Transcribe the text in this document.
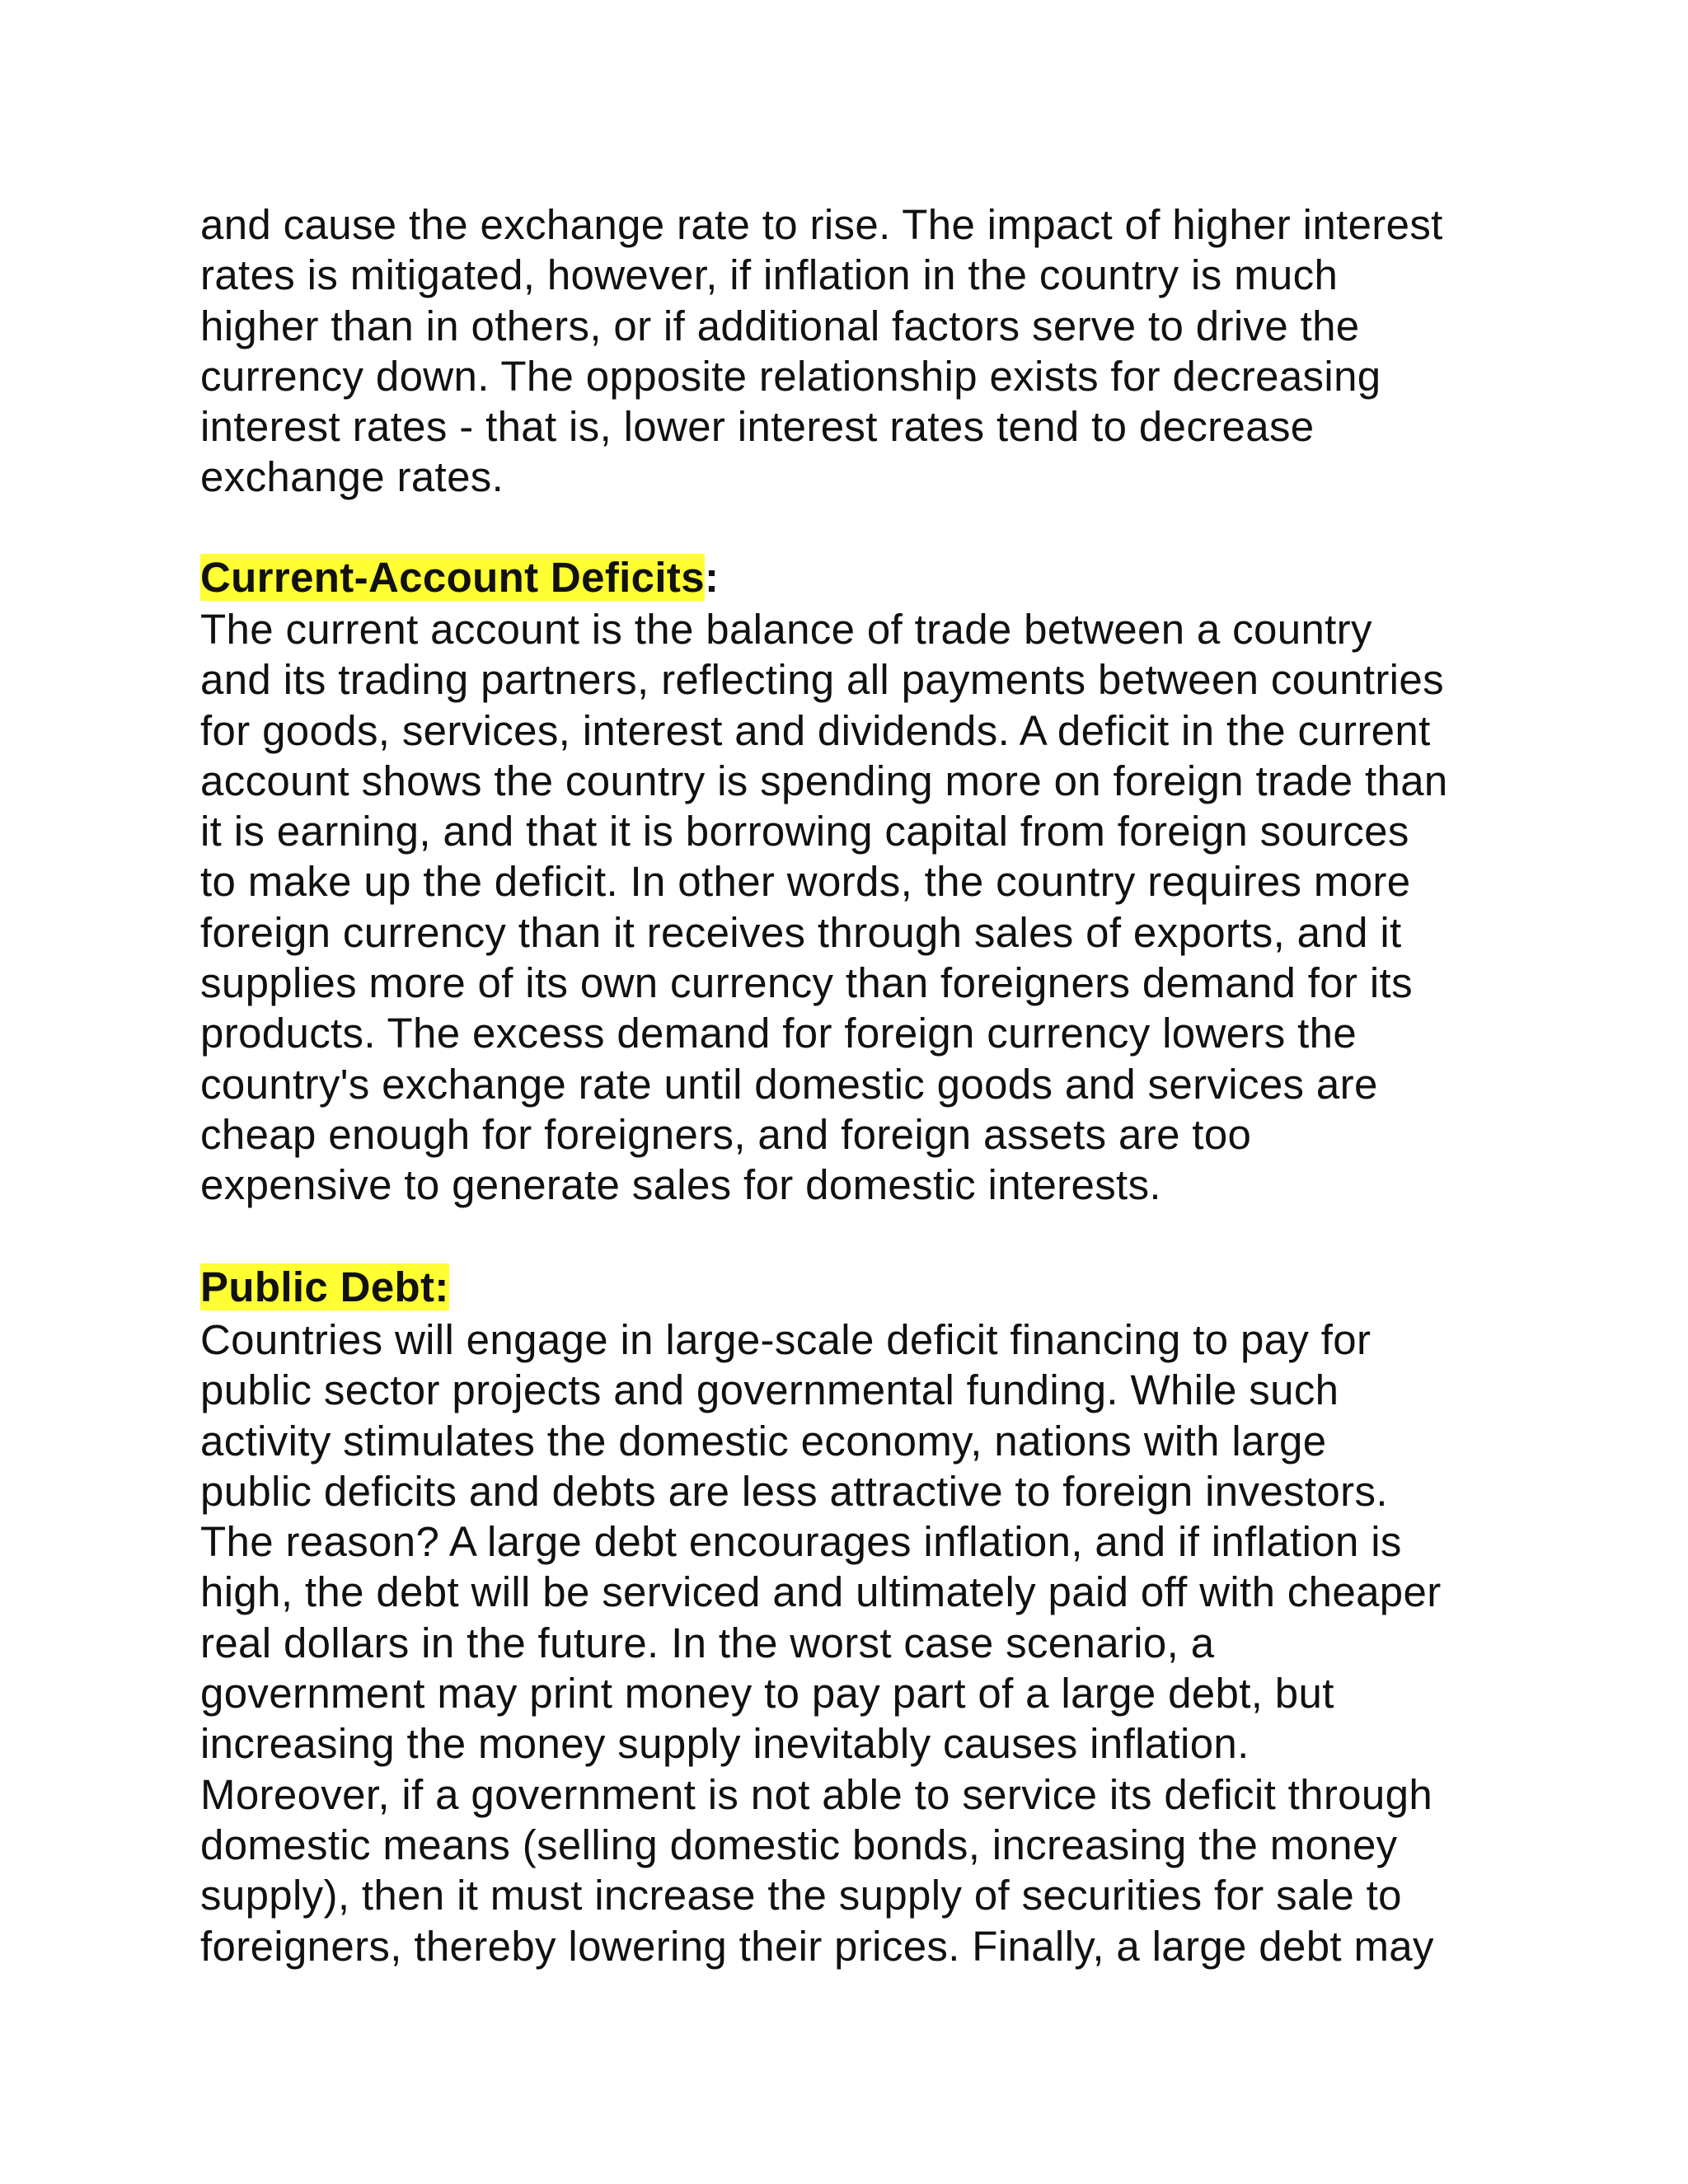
and cause the exchange rate to rise. The impact of higher interest
rates is mitigated, however, if inflation in the country is much
higher than in others, or if additional factors serve to drive the
currency down. The opposite relationship exists for decreasing
interest rates - that is, lower interest rates tend to decrease
exchange rates.

Current-Account Deficits:

The current account is the balance of trade between a country
and its trading partners, reflecting all payments between countries
for goods, services, interest and dividends. A deficit in the current
account shows the country is spending more on foreign trade than
it is earning, and that it is borrowing capital from foreign sources
to make up the deficit. In other words, the country requires more
foreign currency than it receives through sales of exports, and it
supplies more of its own currency than foreigners demand for its
products. The excess demand for foreign currency lowers the
country's exchange rate until domestic goods and services are
cheap enough for foreigners, and foreign assets are too
expensive to generate sales for domestic interests.

Public Debt:

Countries will engage in large-scale deficit financing to pay for
public sector projects and governmental funding. While such
activity stimulates the domestic economy, nations with large
public deficits and debts are less attractive to foreign investors.
The reason? A large debt encourages inflation, and if inflation is
high, the debt will be serviced and ultimately paid off with cheaper
real dollars in the future. In the worst case scenario, a
government may print money to pay part of a large debt, but
increasing the money supply inevitably causes inflation.
Moreover, if a government is not able to service its deficit through
domestic means (selling domestic bonds, increasing the money
supply), then it must increase the supply of securities for sale to
foreigners, thereby lowering their prices. Finally, a large debt may
